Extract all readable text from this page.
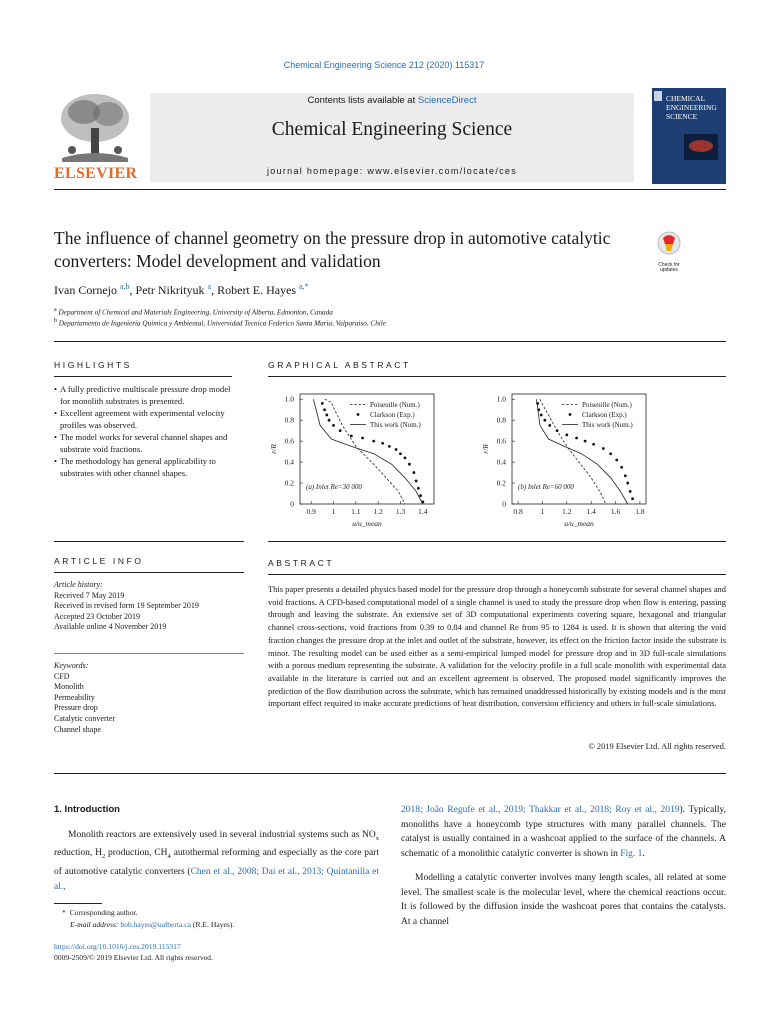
Chemical Engineering Science 212 (2020) 115317
ELSEVIER
Contents lists available at ScienceDirect
Chemical Engineering Science
journal homepage: www.elsevier.com/locate/ces
CHEMICAL
ENGINEERING
SCIENCE
The influence of channel geometry on the pressure drop in automotive catalytic converters: Model development and validation	Check for updates
Ivan Cornejo $^{a,b}$, Petr Nikrityuk $^a$, Robert E. Hayes $^{a,*}$
$^a$ Department of Chemical and Materials Engineering, University of Alberta, Edmonton, Canada
$^b$ Departamento de Ingenieria Quimica y Ambiental, Universidad Tecnica Federico Santa Maria, Valparaiso, Chile
HIGHLIGHTS
• A fully predictive multiscale pressure drop model for monolith substrates is presented.
• Excellent agreement with experimental velocity profiles was observed.
• The model works for several channel shapes and substrate void fractions.
• The methodology has general applicability to substrates with other channel shapes.
GRAPHICAL ABSTRACT
0.9 1 1.1 1.2 1.3 1.4
0
0.2
0.4
0.6
0.8
1.0
u/u_mean
r/R
Poiseuille (Num.)
Clarkson (Exp.)
This work (Num.)
(a) Inlet Re=30 000
0.8 1 1.2 1.4 1.6 1.8
0
0.2
0.4
0.6
0.8
1.0
u/u_mean
r/R
Poiseuille (Num.)
Clarkson (Exp.)
This work (Num.)
(b) Inlet Re=60 000
ARTICLE INFO
Article history:
Received 7 May 2019
Received in revised form 19 September 2019
Accepted 23 October 2019
Available online 4 November 2019
Keywords:
CFD
Monolith
Permeability
Pressure drop
Catalytic converter
Channel shape
ABSTRACT
This paper presents a detailed physics based model for the pressure drop through a honeycomb substrate for several channel shapes and void fractions. A CFD-based computational model of a single channel is used to study the pressure drop when flow is entering, passing through and leaving the substrate. An extensive set of 3D computational experiments covering square, hexagonal and triangular channel cross-sections, void fractions from 0.39 to 0.84 and channel Re from 95 to 1284 is used. It is shown that altering the void fraction changes the pressure drop at the inlet and outlet of the substrate, however, its effect on the friction factor inside the substrate is minor. The resulting model can be used either as a semi-empirical lumped model for pressure drop and in 3D full-scale simulations with a porous medium representing the substrate. A validation for the velocity profile in a full scale monolith with experimental data available in the literature is carried out and an excellent agreement is observed. The proposed model significantly improves the prediction of the flow distribution across the substrate, which has remained unaddressed historically by existing models and is the most important effect required to make accurate predictions of heat distribution, conversion efficiency and others in full-scale simulations.
© 2019 Elsevier Ltd. All rights reserved.
1. Introduction
Monolith reactors are extensively used in several industrial systems such as $NO_x$ reduction, $H_2$ production, $CH_4$ autothermal reforming and especially as the core part of automotive catalytic converters (Chen et al., 2008; Dai et al., 2013; Quintanilla et al.,
2018; João Regufe et al., 2019; Thakkar et al., 2018; Roy et al., 2019). Typically, monoliths have a honeycomb type structures with many parallel channels. The catalyst is usually contained in a washcoat applied to the surface of the channels. A schematic of a monolithic catalytic converter is shown in Fig. 1.
Modelling a catalytic converter involves many length scales, all related at some level. The smallest scale is the molecular level, where the chemical reactions occur. It is followed by the diffusion inside the washcoat pores that contains the catalysts. At a channel
*  Corresponding author.
E-mail address: bob.hayes@ualberta.ca (R.E. Hayes).
https://doi.org/10.1016/j.ces.2019.115317
0009-2509/© 2019 Elsevier Ltd. All rights reserved.
